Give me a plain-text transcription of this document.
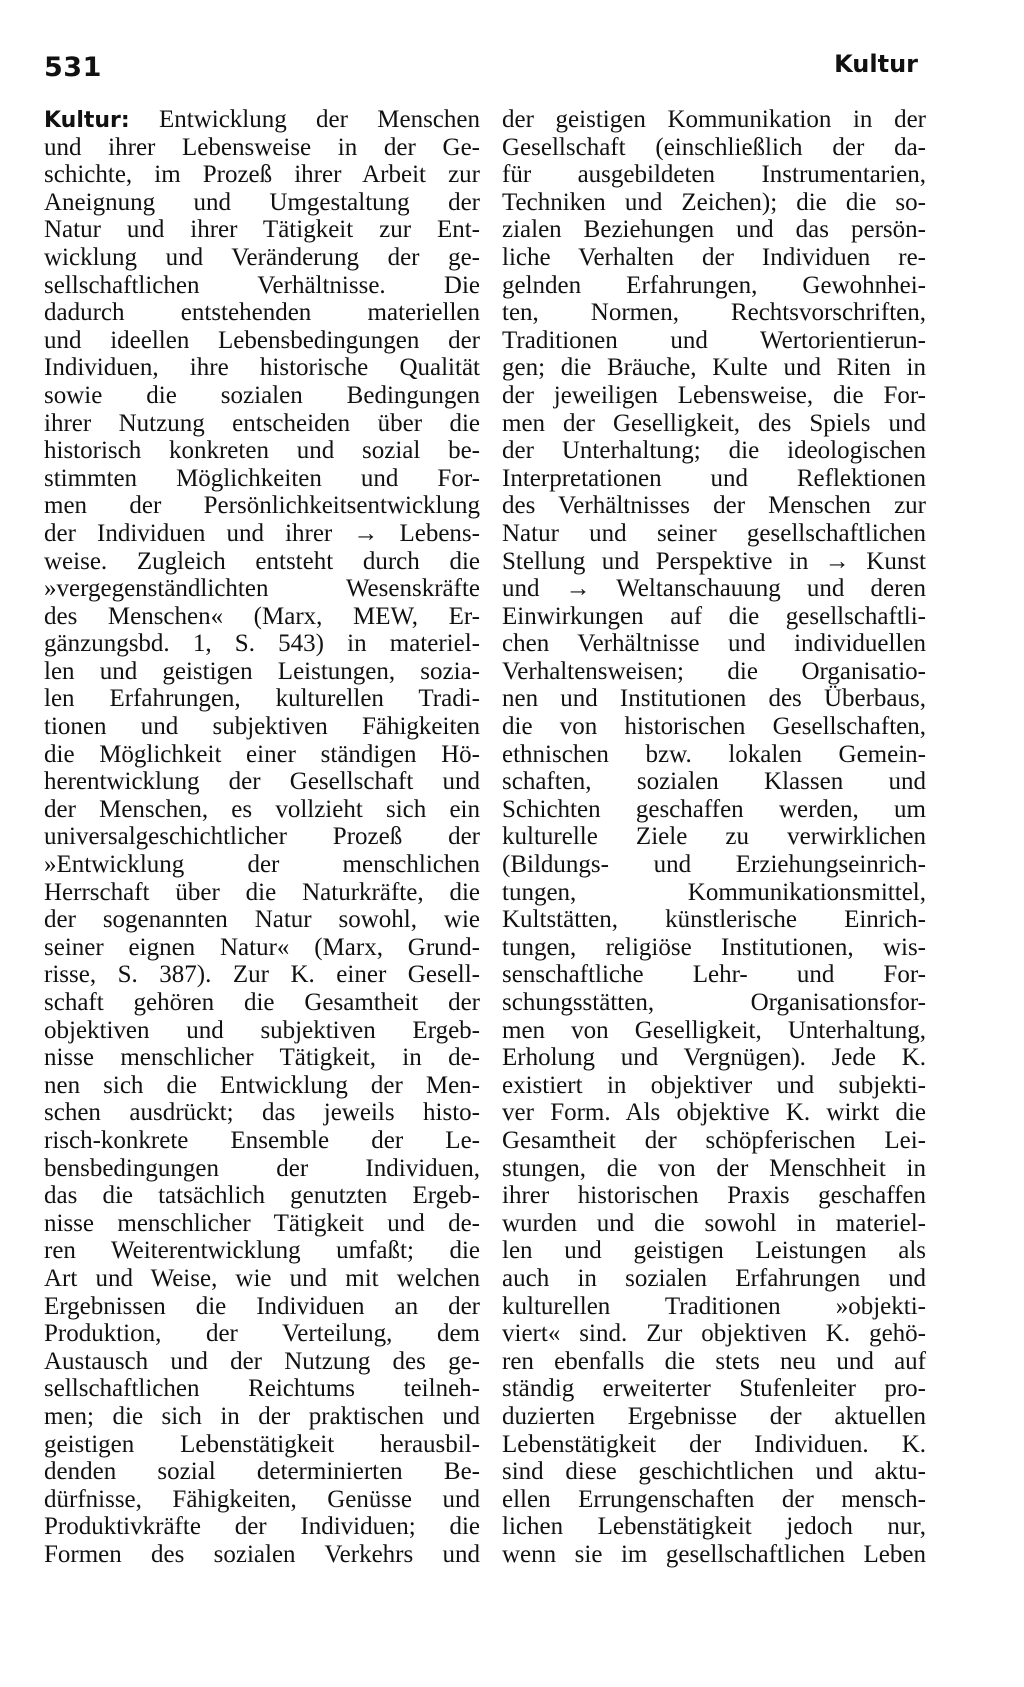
531	Kultur
Kultur: Entwicklung der Menschen
und ihrer Lebensweise in der Ge-
schichte, im Prozeß ihrer Arbeit zur
Aneignung und Umgestaltung der
Natur und ihrer Tätigkeit zur Ent-
wicklung und Veränderung der ge-
sellschaftlichen Verhältnisse. Die
dadurch entstehenden materiellen
und ideellen Lebensbedingungen der
Individuen, ihre historische Qualität
sowie die sozialen Bedingungen
ihrer Nutzung entscheiden über die
historisch konkreten und sozial be-
stimmten Möglichkeiten und For-
men der Persönlichkeitsentwicklung
der Individuen und ihrer → Lebens-
weise. Zugleich entsteht durch die
»vergegenständlichten Wesenskräfte
des Menschen« (Marx, MEW, Er-
gänzungsbd. 1, S. 543) in materiel-
len und geistigen Leistungen, sozia-
len Erfahrungen, kulturellen Tradi-
tionen und subjektiven Fähigkeiten
die Möglichkeit einer ständigen Hö-
herentwicklung der Gesellschaft und
der Menschen, es vollzieht sich ein
universalgeschichtlicher Prozeß der
»Entwicklung der menschlichen
Herrschaft über die Naturkräfte, die
der sogenannten Natur sowohl, wie
seiner eignen Natur« (Marx, Grund-
risse, S. 387). Zur K. einer Gesell-
schaft gehören die Gesamtheit der
objektiven und subjektiven Ergeb-
nisse menschlicher Tätigkeit, in de-
nen sich die Entwicklung der Men-
schen ausdrückt; das jeweils histo-
risch-konkrete Ensemble der Le-
bensbedingungen der Individuen,
das die tatsächlich genutzten Ergeb-
nisse menschlicher Tätigkeit und de-
ren Weiterentwicklung umfaßt; die
Art und Weise, wie und mit welchen
Ergebnissen die Individuen an der
Produktion, der Verteilung, dem
Austausch und der Nutzung des ge-
sellschaftlichen Reichtums teilneh-
men; die sich in der praktischen und
geistigen Lebenstätigkeit herausbil-
denden sozial determinierten Be-
dürfnisse, Fähigkeiten, Genüsse und
Produktivkräfte der Individuen; die
Formen des sozialen Verkehrs und
der geistigen Kommunikation in der
Gesellschaft (einschließlich der da-
für ausgebildeten Instrumentarien,
Techniken und Zeichen); die die so-
zialen Beziehungen und das persön-
liche Verhalten der Individuen re-
gelnden Erfahrungen, Gewohnhei-
ten, Normen, Rechtsvorschriften,
Traditionen und Wertorientierun-
gen; die Bräuche, Kulte und Riten in
der jeweiligen Lebensweise, die For-
men der Geselligkeit, des Spiels und
der Unterhaltung; die ideologischen
Interpretationen und Reflektionen
des Verhältnisses der Menschen zur
Natur und seiner gesellschaftlichen
Stellung und Perspektive in → Kunst
und → Weltanschauung und deren
Einwirkungen auf die gesellschaftli-
chen Verhältnisse und individuellen
Verhaltensweisen; die Organisatio-
nen und Institutionen des Überbaus,
die von historischen Gesellschaften,
ethnischen bzw. lokalen Gemein-
schaften, sozialen Klassen und
Schichten geschaffen werden, um
kulturelle Ziele zu verwirklichen
(Bildungs- und Erziehungseinrich-
tungen, Kommunikationsmittel,
Kultstätten, künstlerische Einrich-
tungen, religiöse Institutionen, wis-
senschaftliche Lehr- und For-
schungsstätten, Organisationsfor-
men von Geselligkeit, Unterhaltung,
Erholung und Vergnügen). Jede K.
existiert in objektiver und subjekti-
ver Form. Als objektive K. wirkt die
Gesamtheit der schöpferischen Lei-
stungen, die von der Menschheit in
ihrer historischen Praxis geschaffen
wurden und die sowohl in materiel-
len und geistigen Leistungen als
auch in sozialen Erfahrungen und
kulturellen Traditionen »objekti-
viert« sind. Zur objektiven K. gehö-
ren ebenfalls die stets neu und auf
ständig erweiterter Stufenleiter pro-
duzierten Ergebnisse der aktuellen
Lebenstätigkeit der Individuen. K.
sind diese geschichtlichen und aktu-
ellen Errungenschaften der mensch-
lichen Lebenstätigkeit jedoch nur,
wenn sie im gesellschaftlichen Leben
